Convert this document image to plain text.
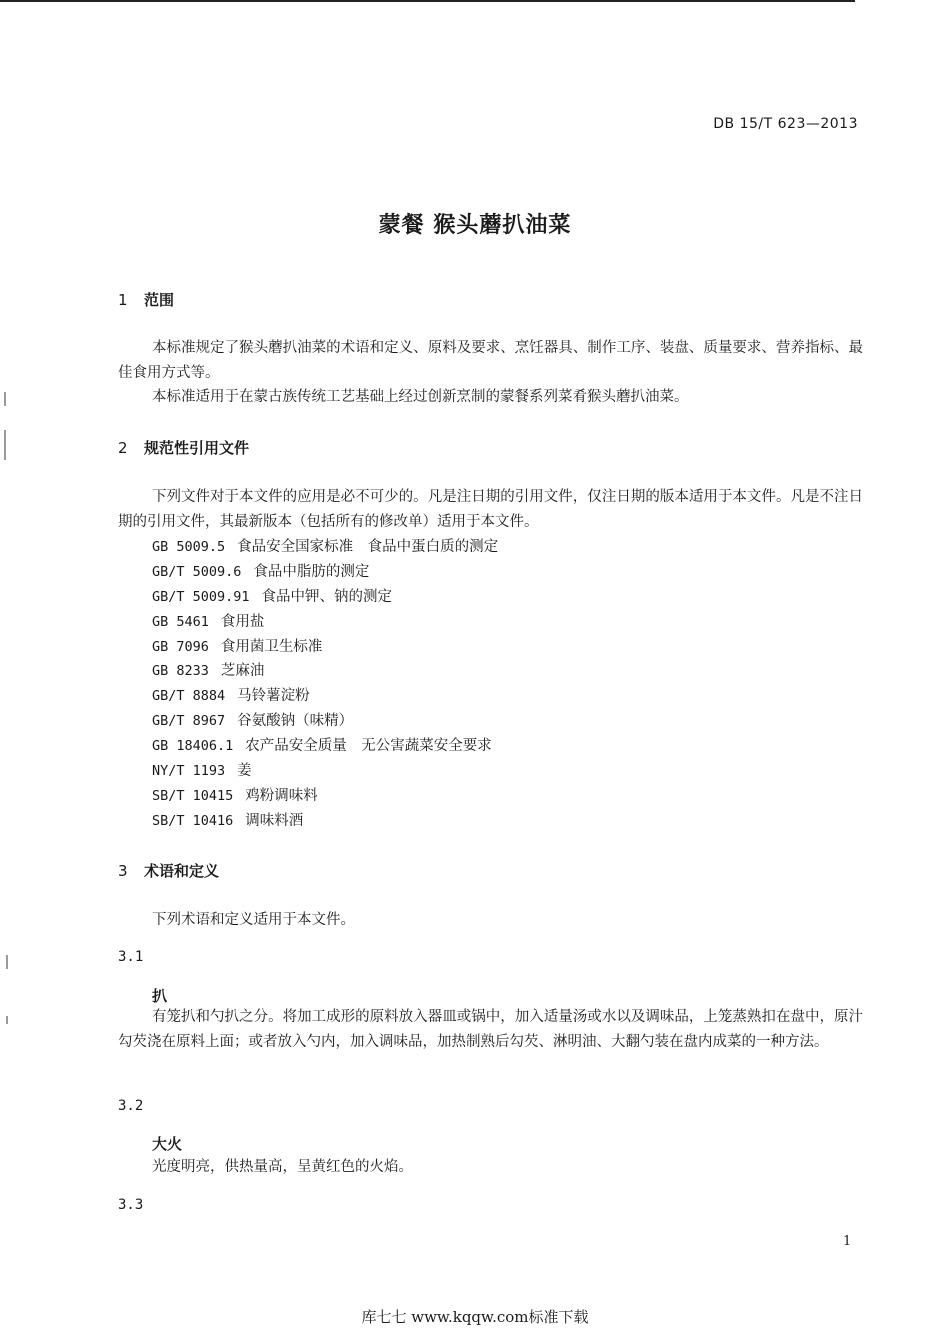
DB 15/T 623—2013
蒙餐 猴头蘑扒油菜
1 范围
本标准规定了猴头蘑扒油菜的术语和定义、原料及要求、烹饪器具、制作工序、装盘、质量要求、营养指标、最佳食用方式等。
本标准适用于在蒙古族传统工艺基础上经过创新烹制的蒙餐系列菜肴猴头蘑扒油菜。
2 规范性引用文件
下列文件对于本文件的应用是必不可少的。凡是注日期的引用文件，仅注日期的版本适用于本文件。凡是不注日期的引用文件，其最新版本（包括所有的修改单）适用于本文件。
GB 5009.5 食品安全国家标准　食品中蛋白质的测定
GB/T 5009.6 食品中脂肪的测定
GB/T 5009.91 食品中钾、钠的测定
GB 5461 食用盐
GB 7096 食用菌卫生标准
GB 8233 芝麻油
GB/T 8884 马铃薯淀粉
GB/T 8967 谷氨酸钠（味精）
GB 18406.1 农产品安全质量　无公害蔬菜安全要求
NY/T 1193 姜
SB/T 10415 鸡粉调味料
SB/T 10416 调味料酒
3 术语和定义
下列术语和定义适用于本文件。
3.1
扒
有笼扒和勺扒之分。将加工成形的原料放入器皿或锅中，加入适量汤或水以及调味品，上笼蒸熟扣在盘中，原汁勾芡浇在原料上面；或者放入勺内，加入调味品，加热制熟后勾芡、淋明油、大翻勺装在盘内成菜的一种方法。
3.2
大火
光度明亮，供热量高，呈黄红色的火焰。
3.3
1
库七七 www.kqqw.com标准下载
